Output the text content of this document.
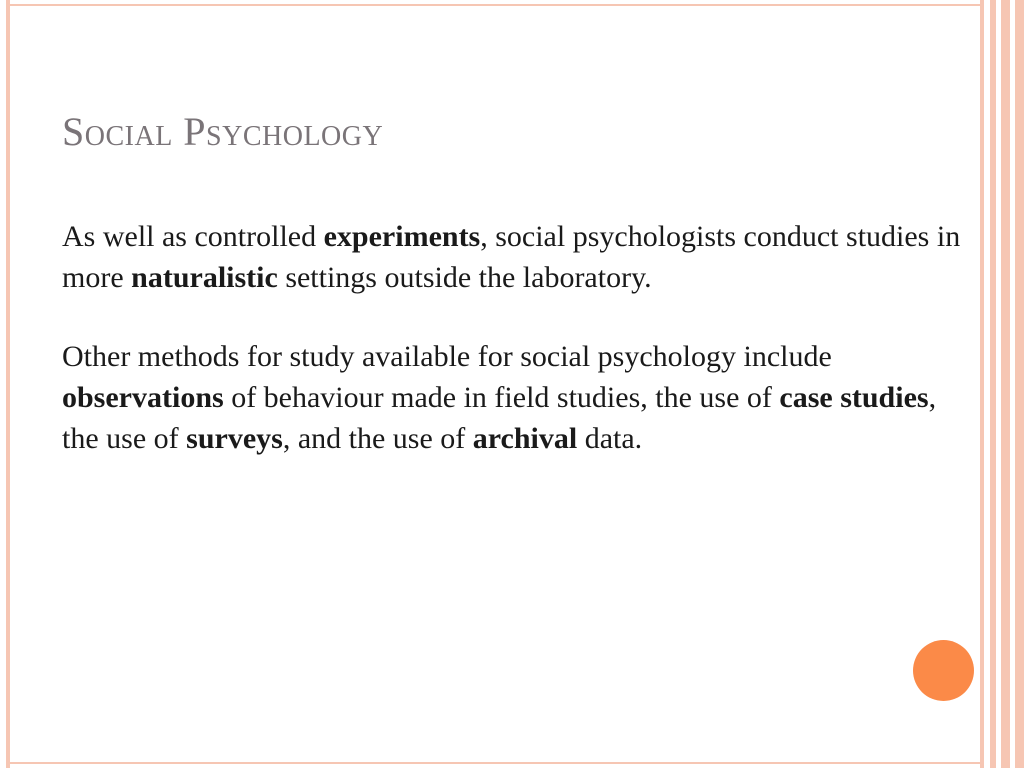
Social Psychology

As well as controlled experiments, social psychologists conduct studies in more naturalistic settings outside the laboratory.

Other methods for study available for social psychology include observations of behaviour made in field studies, the use of case studies, the use of surveys, and the use of archival data.
